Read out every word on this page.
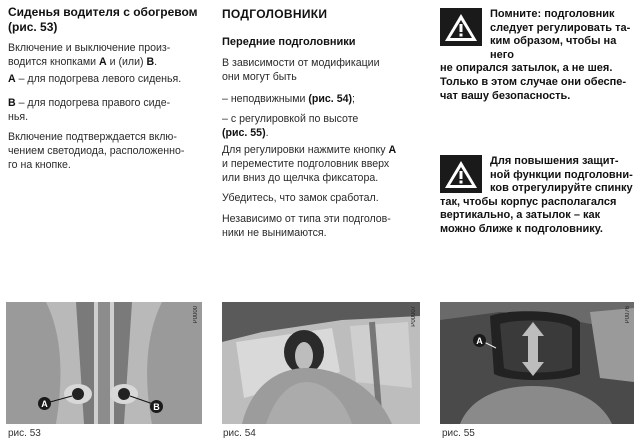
Сиденья водителя с обогревом
(рис. 53)

Включение и выключение произ-
водится кнопками A и (или) B.

A – для подогрева левого сиденья.

B – для подогрева правого сиде-
нья.

Включение подтверждается вклю-
чением светодиода, расположенно-
го на кнопке.

ПОДГОЛОВНИКИ
Передние подголовники

В зависимости от модификации
они могут быть

– неподвижными (рис. 54);

– с регулировкой по высоте
(рис. 55).

Для регулировки нажмите кнопку A
и переместите подголовник вверх
или вниз до щелчка фиксатора.

Убедитесь, что замок сработал.

Независимо от типа эти подголов-
ники не вынимаются.

Помните: подголовник

следует регулировать та-

ким образом, чтобы на него

не опирался затылок, а не шея.

Только в этом случае они обеспе-

чат вашу безопасность.

Для повышения защит-

ной функции подголовни-

ков отрегулируйте спинку

так, чтобы корпус располагался

вертикально, а затылок – как

можно ближе к подголовнику.

A	B
P0000
рис. 53
P00007
рис. 54
A
P0076
рис. 55
